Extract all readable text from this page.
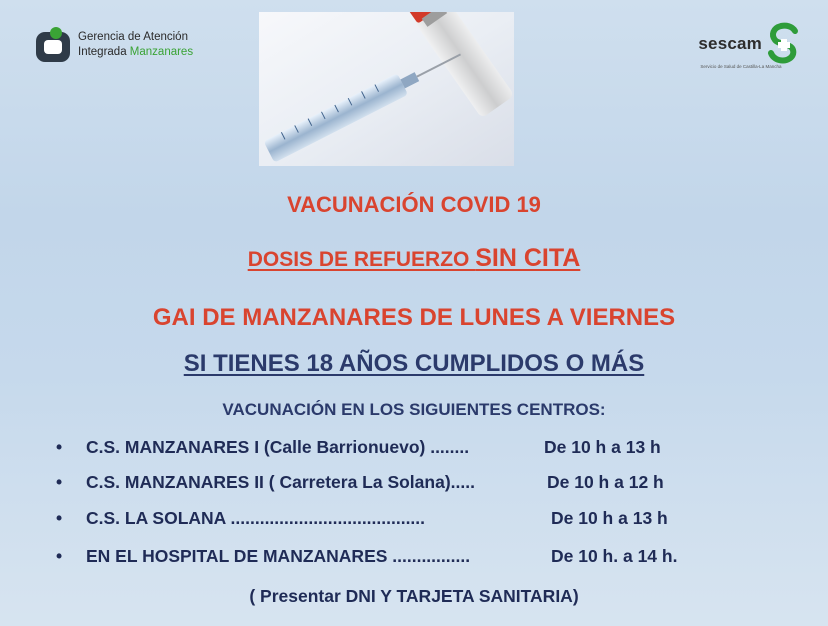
Gerencia de Atención
Integrada Manzanares	sescam
Servicio de Salud de Castilla-La Mancha
VACUNACIÓN COVID 19
DOSIS DE REFUERZO SIN CITA
GAI DE MANZANARES DE LUNES A VIERNES
SI TIENES 18 AÑOS CUMPLIDOS O MÁS
VACUNACIÓN EN LOS SIGUIENTES CENTROS:
• C.S. MANZANARES I (Calle Barrionuevo) ........	De 10 h a 13 h
• C.S. MANZANARES II ( Carretera La Solana).....	De 10 h a 12 h
• C.S. LA SOLANA ........................................	De 10 h a 13 h
• EN EL HOSPITAL DE MANZANARES ................	De 10 h. a 14 h.
( Presentar DNI Y TARJETA SANITARIA)
